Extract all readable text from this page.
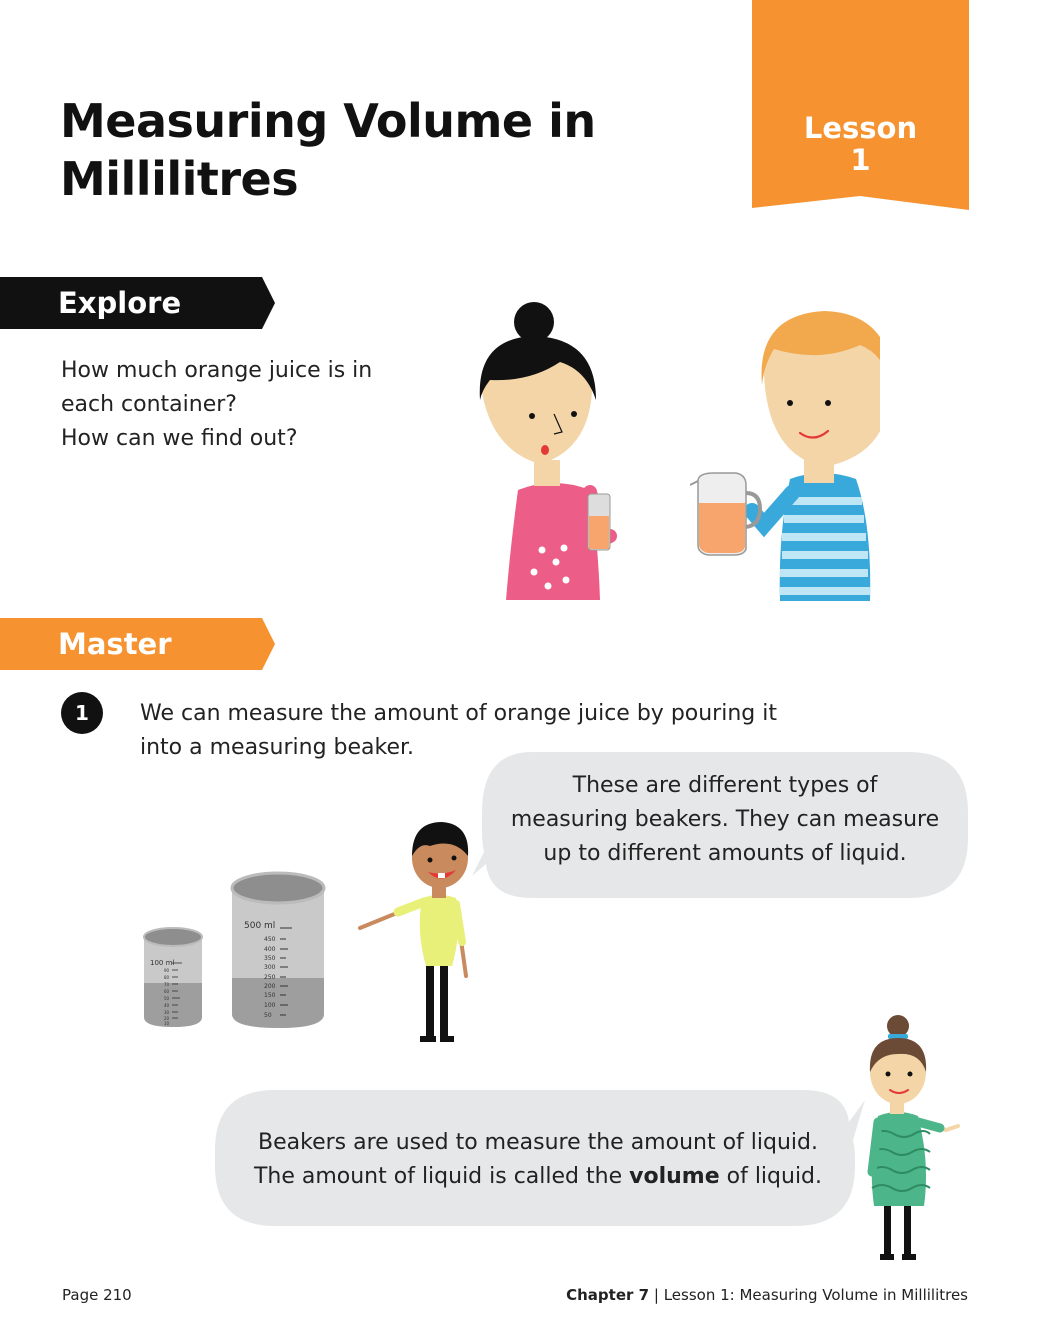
Measuring Volume in Millilitres
Lesson
1
Explore
How much orange juice is in
each container?
How can we find out?
Master
1	We can measure the amount of orange juice by pouring it
into a measuring beaker.
These are different types of
measuring beakers. They can measure
up to different amounts of liquid.
100 ml
90
80
70
60
50
40
30
20
10
500 ml
450
400
350
300
250
200
150
100
50
Beakers are used to measure the amount of liquid.
The amount of liquid is called the volume of liquid.
Page 210	Chapter 7 | Lesson 1: Measuring Volume in Millilitres
